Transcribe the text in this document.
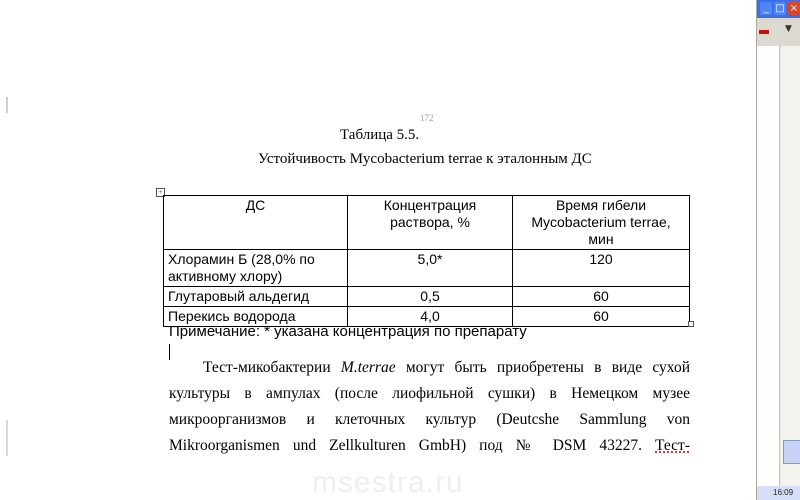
172
Таблица 5.5.
Устойчивость Mycobacterium terrae к эталонным ДС
+
ДС	Концентрация раствора, %	Время гибели Mycobacterium terrae, мин
Хлорамин Б (28,0% по активному хлору)	5,0*	120
Глутаровый альдегид	0,5	60
Перекись водорода	4,0	60
Примечание: * указана концентрация по препарату

Тест-микобактерии M.terrae могут быть приобретены в виде сухой культуры в ампулах (после лиофильной сушки) в Немецком музее микроорганизмов и клеточных культур (Deutcshe Sammlung von Mikroorganismen und Zellkulturen GmbH) под № DSM 43227. Тест-

msestra.ru
_ □ ×
▼
16:09
